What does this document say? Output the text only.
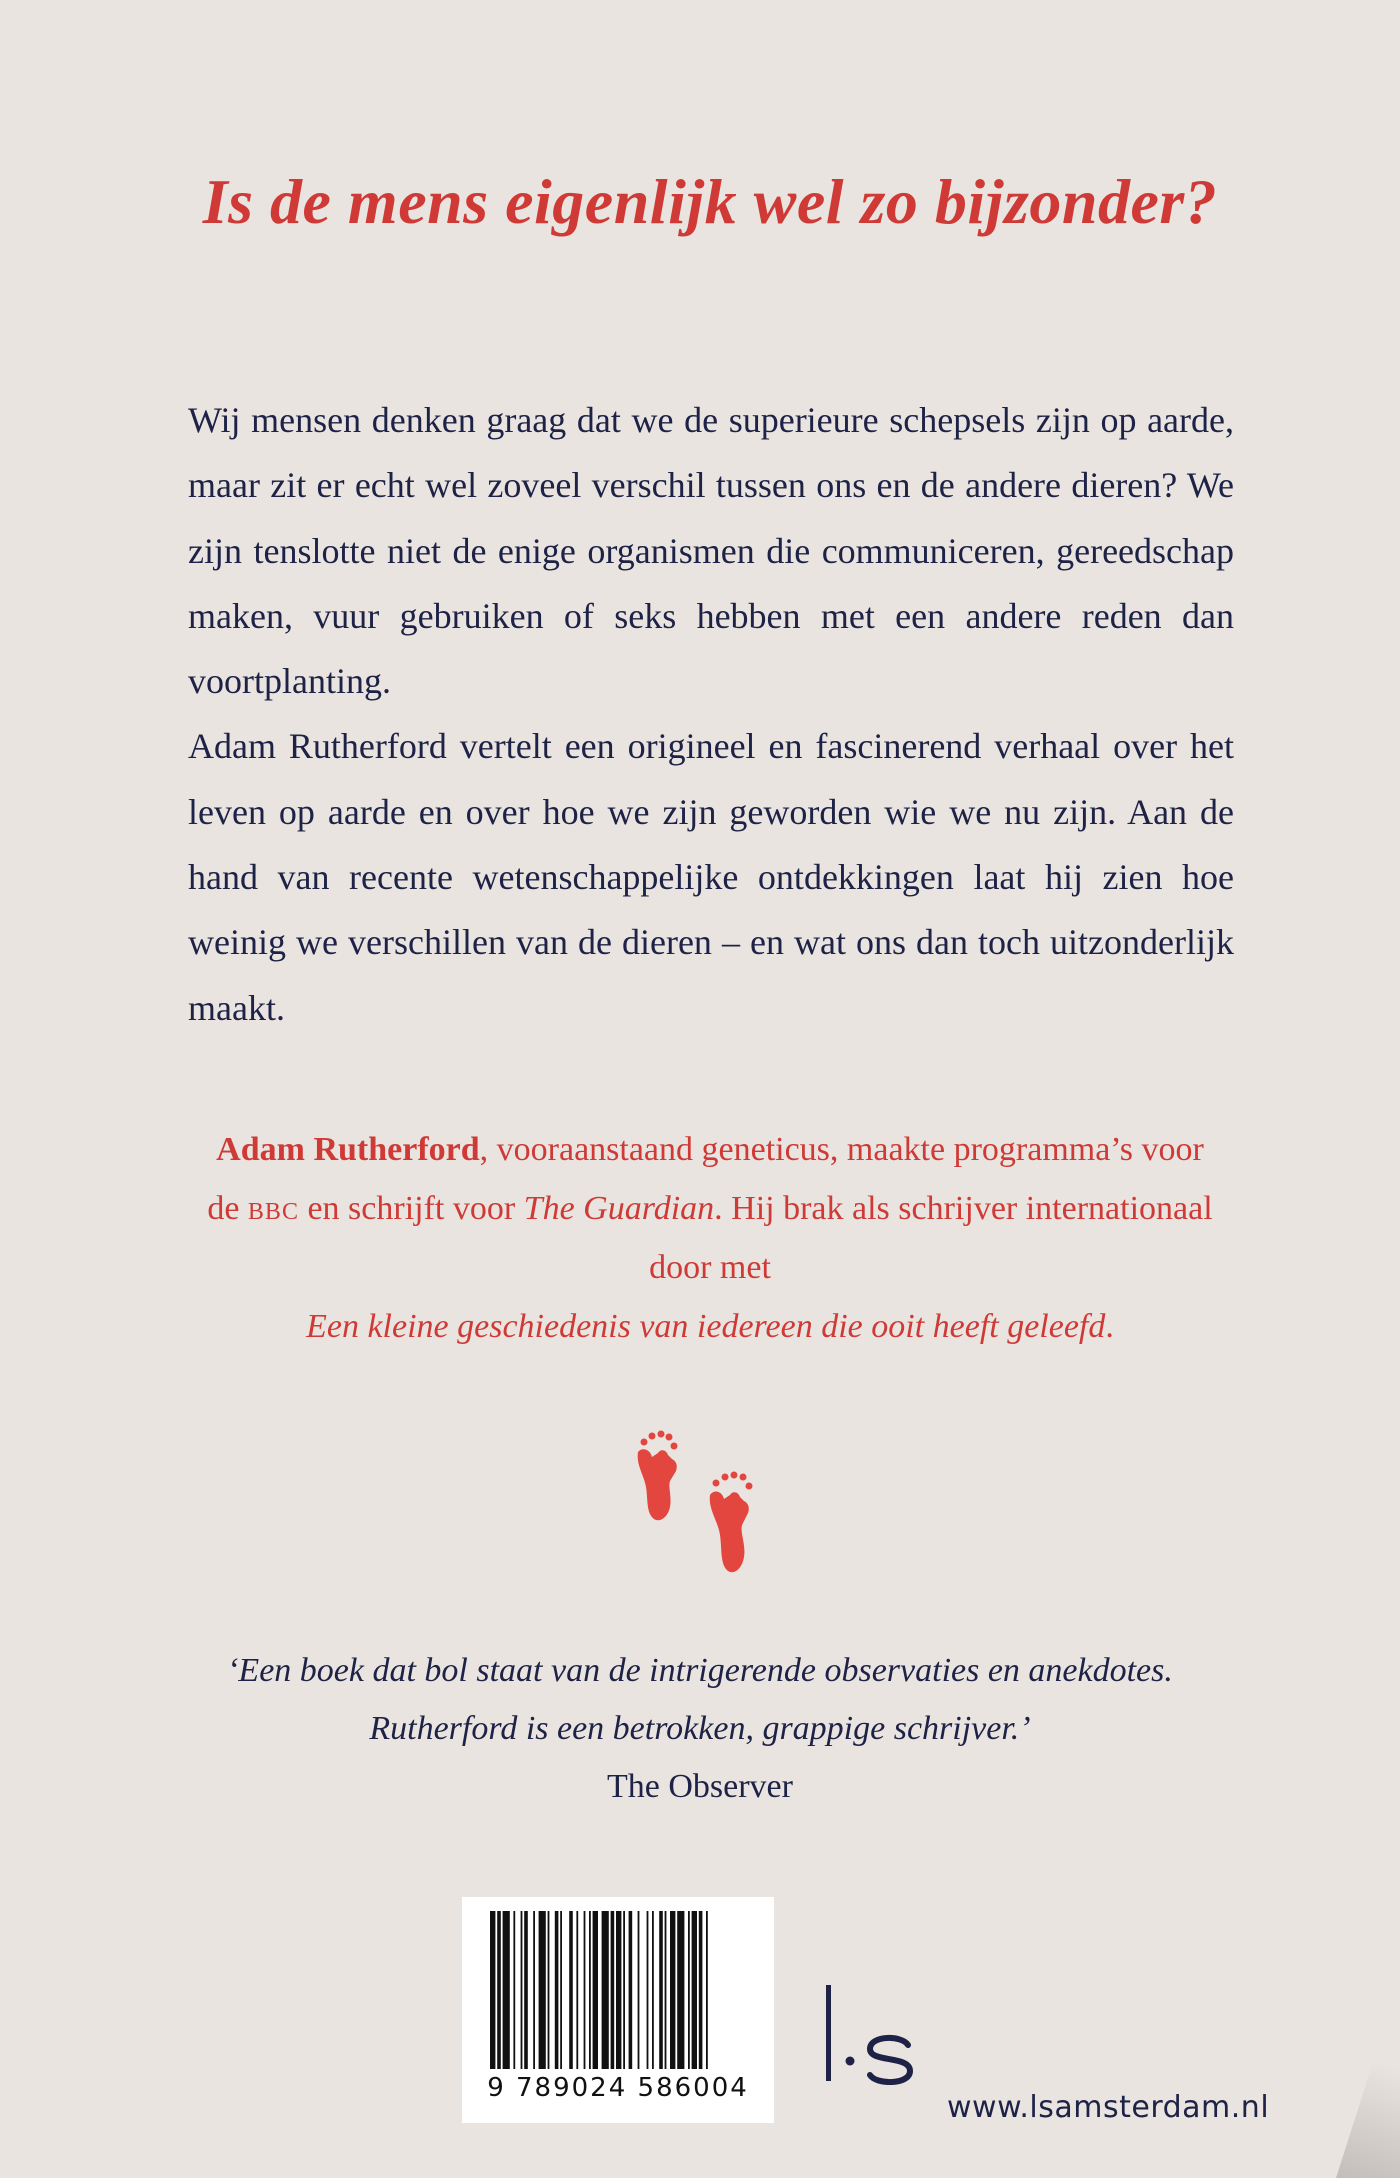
Is de mens eigenlijk wel zo bijzonder?

Wij mensen denken graag dat we de superieure schepsels zijn op aarde, maar zit er echt wel zoveel verschil tussen ons en de andere dieren? We zijn tenslotte niet de enige organismen die communiceren, gereedschap maken, vuur gebruiken of seks hebben met een andere reden dan voortplanting.

Adam Rutherford vertelt een origineel en fascinerend verhaal over het leven op aarde en over hoe we zijn geworden wie we nu zijn. Aan de hand van recente wetenschappelijke ontdekkingen laat hij zien hoe weinig we verschillen van de dieren – en wat ons dan toch uitzonderlijk maakt.

Adam Rutherford, vooraanstaand geneticus, maakte programma’s voor de bbc en schrijft voor The Guardian. Hij brak als schrijver internationaal door met
Een kleine geschiedenis van iedereen die ooit heeft geleefd.
‘Een boek dat bol staat van de intrigerende observaties en anekdotes.
Rutherford is een betrokken, grappige schrijver.’
The Observer
9 789024 586004
www.lsamsterdam.nl
